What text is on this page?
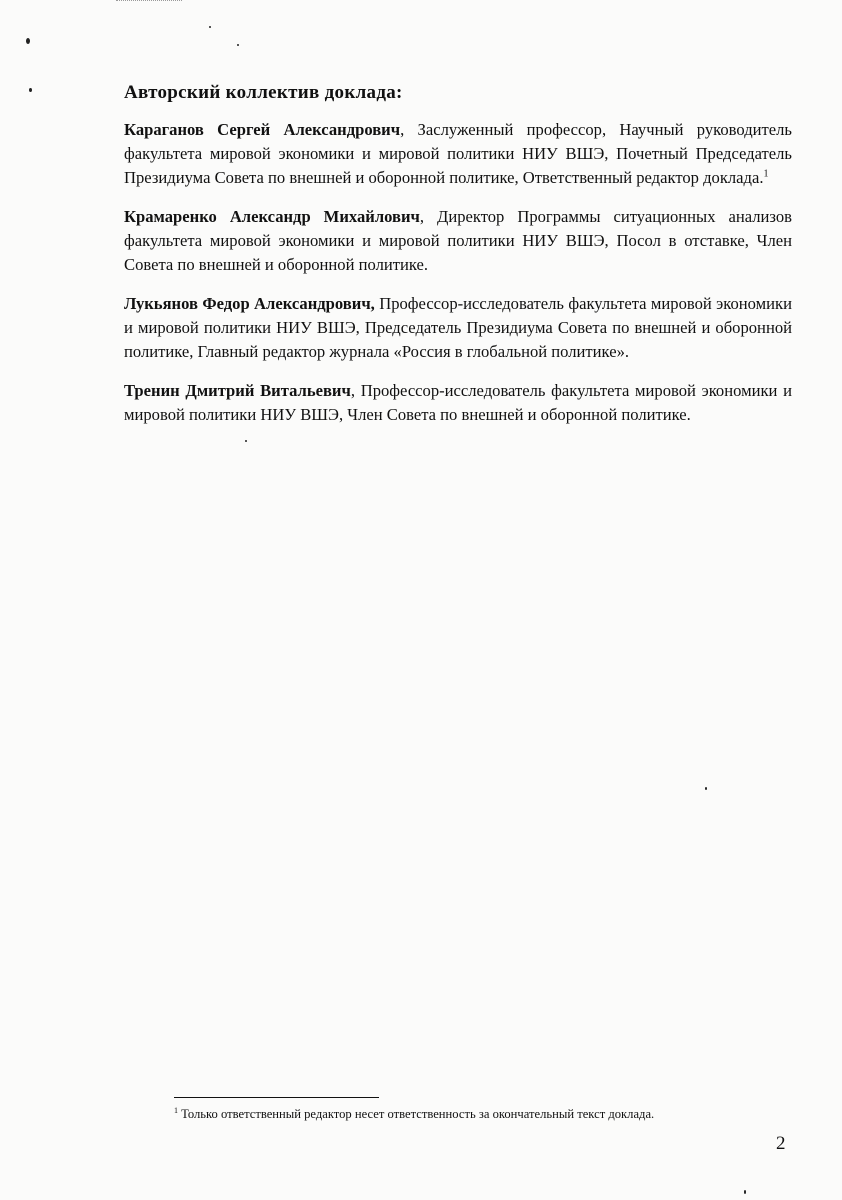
Авторский коллектив доклада:

Караганов Сергей Александрович, Заслуженный профессор, Научный руководитель факультета мировой экономики и мировой политики НИУ ВШЭ, Почетный Председатель Президиума Совета по внешней и оборонной политике, Ответственный редактор доклада.$^1$

Крамаренко Александр Михайлович, Директор Программы ситуационных анализов факультета мировой экономики и мировой политики НИУ ВШЭ, Посол в отставке, Член Совета по внешней и оборонной политике.

Лукьянов Федор Александрович, Профессор-исследователь факультета мировой экономики и мировой политики НИУ ВШЭ, Председатель Президиума Совета по внешней и оборонной политике, Главный редактор журнала «Россия в глобальной политике».

Тренин Дмитрий Витальевич, Профессор-исследователь факультета мировой экономики и мировой политики НИУ ВШЭ, Член Совета по внешней и оборонной политике.

$^1$ Только ответственный редактор несет ответственность за окончательный текст доклада.
2
